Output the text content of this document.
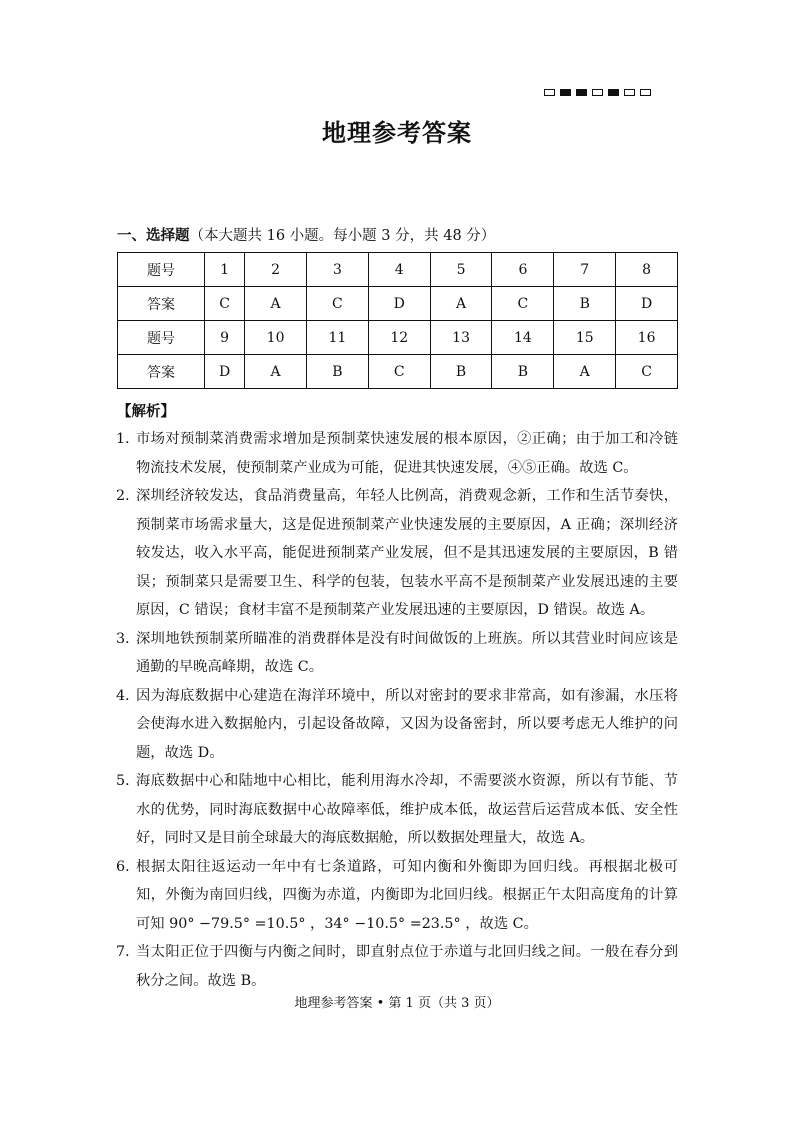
地理参考答案
一、选择题（本大题共 16 小题。每小题 3 分，共 48 分）
题号	1	2	3	4	5	6	7	8
答案	C	A	C	D	A	C	B	D
题号	9	10	11	12	13	14	15	16
答案	D	A	B	C	B	B	A	C
【解析】
1．
市场对预制菜消费需求增加是预制菜快速发展的根本原因，②正确；由于加工和冷链物流技术发展，使预制菜产业成为可能，促进其快速发展，④⑤正确。故选 C。
2．
深圳经济较发达，食品消费量高，年轻人比例高，消费观念新，工作和生活节奏快，预制菜市场需求量大，这是促进预制菜产业快速发展的主要原因，A 正确；深圳经济较发达，收入水平高，能促进预制菜产业发展，但不是其迅速发展的主要原因，B 错误；预制菜只是需要卫生、科学的包装，包装水平高不是预制菜产业发展迅速的主要原因，C 错误；食材丰富不是预制菜产业发展迅速的主要原因，D 错误。故选 A。
3．
深圳地铁预制菜所瞄准的消费群体是没有时间做饭的上班族。所以其营业时间应该是通勤的早晚高峰期，故选 C。
4．
因为海底数据中心建造在海洋环境中，所以对密封的要求非常高，如有渗漏，水压将会使海水进入数据舱内，引起设备故障，又因为设备密封，所以要考虑无人维护的问题，故选 D。
5．
海底数据中心和陆地中心相比，能利用海水冷却，不需要淡水资源，所以有节能、节水的优势，同时海底数据中心故障率低，维护成本低，故运营后运营成本低、安全性好，同时又是目前全球最大的海底数据舱，所以数据处理量大，故选 A。
6．
根据太阳往返运动一年中有七条道路，可知内衡和外衡即为回归线。再根据北极可知，外衡为南回归线，四衡为赤道，内衡即为北回归线。根据正午太阳高度角的计算可知 90° −79.5° =10.5° ，34° −10.5° =23.5° ，故选 C。
7．
当太阳正位于四衡与内衡之间时，即直射点位于赤道与北回归线之间。一般在春分到秋分之间。故选 B。
地理参考答案 • 第 1 页（共 3 页）
